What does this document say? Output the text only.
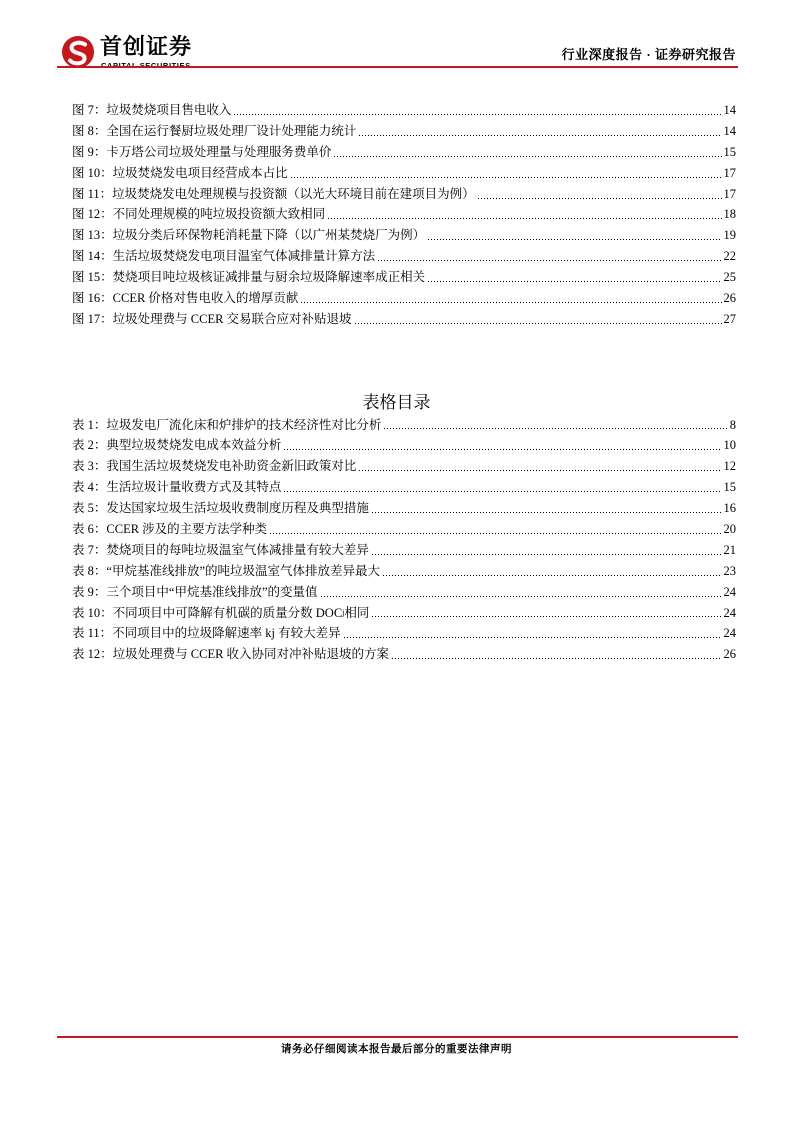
首创证券	行业深度报告 · 证券研究报告
图 7： 垃圾焚烧项目售电收入	14
图 8： 全国在运行餐厨垃圾处理厂设计处理能力统计	14
图 9： 卡万塔公司垃圾处理量与处理服务费单价	15
图 10： 垃圾焚烧发电项目经营成本占比	17
图 11： 垃圾焚烧发电处理规模与投资额（以光大环境目前在建项目为例）	17
图 12： 不同处理规模的吨垃圾投资额大致相同	18
图 13： 垃圾分类后环保物耗消耗量下降（以广州某焚烧厂为例）	19
图 14： 生活垃圾焚烧发电项目温室气体减排量计算方法	22
图 15： 焚烧项目吨垃圾核证减排量与厨余垃圾降解速率成正相关	25
图 16： CCER 价格对售电收入的增厚贡献	26
图 17： 垃圾处理费与 CCER 交易联合应对补贴退坡	27
表格目录
表 1： 垃圾发电厂流化床和炉排炉的技术经济性对比分析	8
表 2： 典型垃圾焚烧发电成本效益分析	10
表 3： 我国生活垃圾焚烧发电补助资金新旧政策对比	12
表 4： 生活垃圾计量收费方式及其特点	15
表 5： 发达国家垃圾生活垃圾收费制度历程及典型措施	16
表 6： CCER 涉及的主要方法学种类	20
表 7： 焚烧项目的每吨垃圾温室气体减排量有较大差异	21
表 8： “甲烷基准线排放”的吨垃圾温室气体排放差异最大	23
表 9： 三个项目中“甲烷基准线排放”的变量值	24
表 10： 不同项目中可降解有机碳的质量分数 DOC j 相同	24
表 11： 不同项目中的垃圾降解速率 kj 有较大差异	24
表 12： 垃圾处理费与 CCER 收入协同对冲补贴退坡的方案	26
请务必仔细阅读本报告最后部分的重要法律声明
